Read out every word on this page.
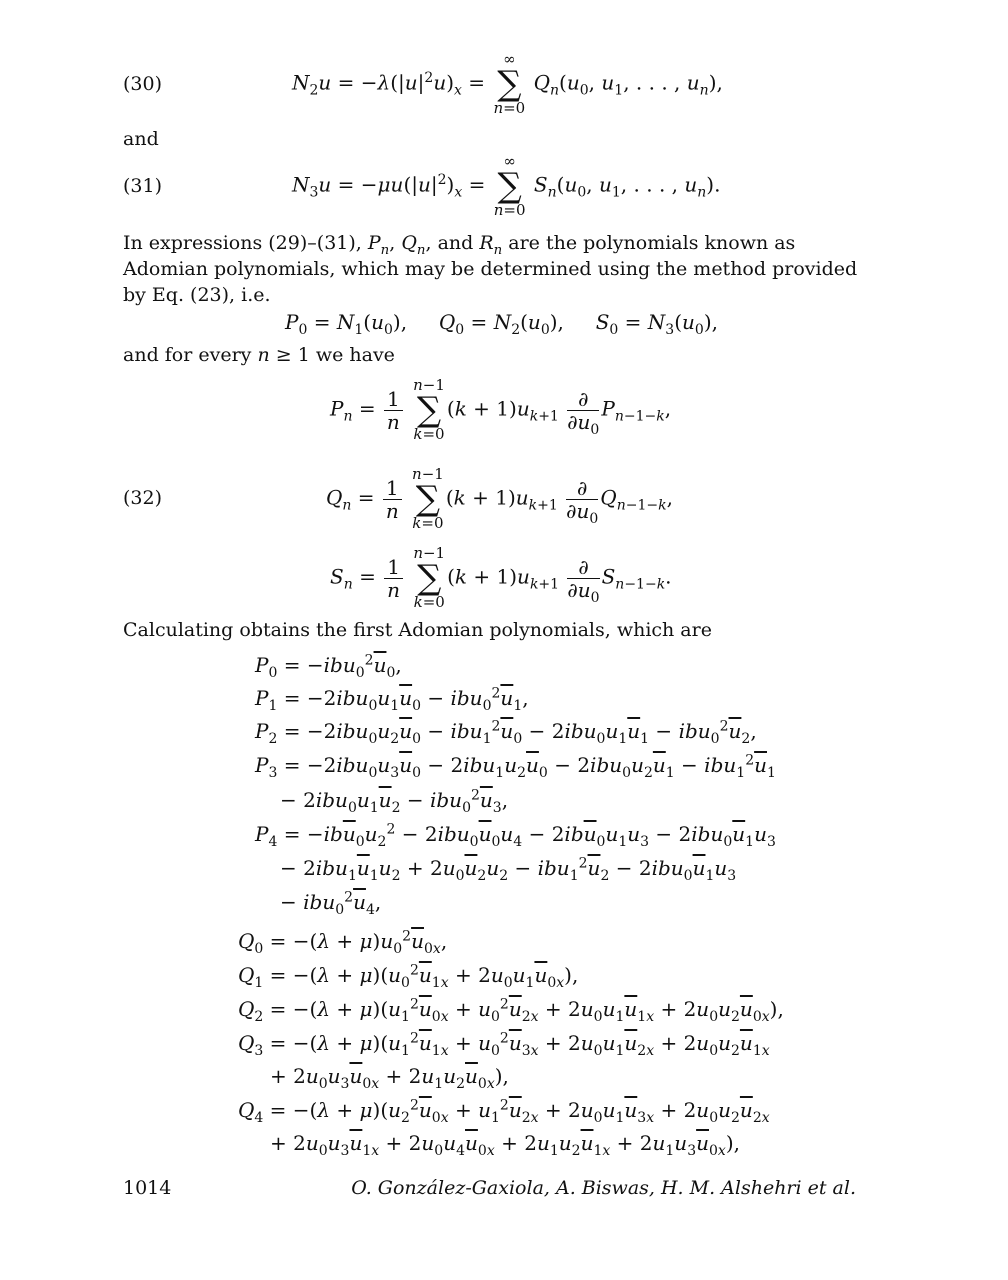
(30)	$N_2u = -\lambda(|u|^2u)_x$ = ∞
∑
n=0 $Q_n(u_0$, $u_1$, . . . , $u_n$),
and
(31)	$N_3u = -\mu u(|u|^2)_x$ = ∞
∑
n=0 $S_n(u_0$, $u_1$, . . . , $u_n$).
In expressions (29)–(31), $P_n$, $Q_n$, and $R_n$ are the polynomials known as Adomian polynomials, which may be determined using the method provided by Eq. (23), i.e.
$P_0 = N_1(u_0)$,     $Q_0 = N_2(u_0)$,     $S_0 = N_3(u_0)$,
and for every n ≥ 1 we have
(32)
$P_n = \frac{1}{n}$
n−1
∑
$k=0(k + 1)u_{k+1} \frac{\partial}{\partial u_0} P_{n-1-k}$,
$Q_n = \frac{1}{n}$
n−1
∑
$k=0(k + 1)u_{k+1} \frac{\partial}{\partial u_0} Q_{n-1-k}$,
$S_n = \frac{1}{n}$
n−1
∑
$k=0(k + 1)u_{k+1} \frac{\partial}{\partial u_0} S_{n-1-k}$.
Calculating obtains the first Adomian polynomials, which are
$P_0 = -ibu_0^2\overline{u}_0$,
$P_1 = -2ibu_0u_1\overline{u}_0 - ibu_0^2\overline{u}_1$,
$P_2 = -2ibu_0u_2\overline{u}_0 - ibu_1^2\overline{u}_0 - 2ibu_0u_1\overline{u}_1 - ibu_0^2\overline{u}_2$,
$P_3 = -2ibu_0u_3\overline{u}_0 - 2ibu_1u_2\overline{u}_0 - 2ibu_0u_2\overline{u}_1 - ibu_1^2\overline{u}_1$
− $2ibu_0u_1\overline{u}_2 - ibu_0^2\overline{u}_3$,
$P_4 = -ib\overline{u}_0u_2^2 - 2ibu_0\overline{u}_0u_4 - 2ib\overline{u}_0u_1u_3 - 2ibu_0\overline{u}_1u_3$
− $2ibu_1\overline{u}_1u_2 + 2u_0\overline{u}_2u_2 - ibu_1^2\overline{u}_2 - 2ibu_0\overline{u}_1u_3$
− $ibu_0^2\overline{u}_4$,
$Q_0 = -(\lambda + \mu)u_0^2\overline{u}_{0x}$,
$Q_1 = -(\lambda + \mu)(u_0^2\overline{u}_{1x} + 2u_0u_1\overline{u}_{0x})$,
$Q_2 = -(\lambda + \mu)(u_1^2\overline{u}_{0x} + u_0^2\overline{u}_{2x} + 2u_0u_1\overline{u}_{1x} + 2u_0u_2\overline{u}_{0x})$,
$Q_3 = -(\lambda + \mu)(u_1^2\overline{u}_{1x} + u_0^2\overline{u}_{3x} + 2u_0u_1\overline{u}_{2x} + 2u_0u_2\overline{u}_{1x}$
+ $2u_0u_3\overline{u}_{0x} + 2u_1u_2\overline{u}_{0x}$),
$Q_4 = -(\lambda + \mu)(u_2^2\overline{u}_{0x} + u_1^2\overline{u}_{2x} + 2u_0u_1\overline{u}_{3x} + 2u_0u_2\overline{u}_{2x}$
+ $2u_0u_3\overline{u}_{1x} + 2u_0u_4\overline{u}_{0x} + 2u_1u_2\overline{u}_{1x} + 2u_1u_3\overline{u}_{0x}$),
1014	O. González-Gaxiola, A. Biswas, H. M. Alshehri et al.
